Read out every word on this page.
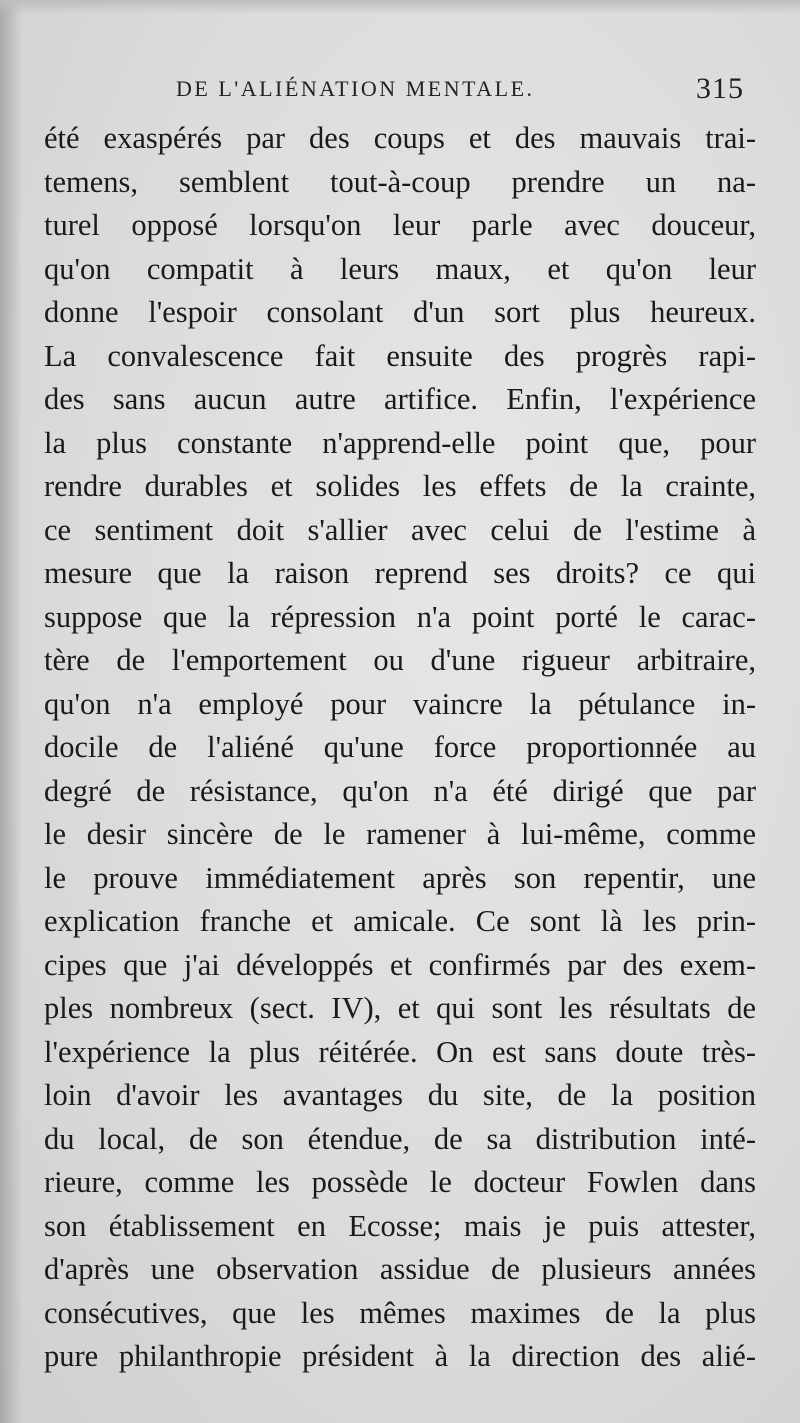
DE L'ALIÉNATION MENTALE.	315
été exaspérés par des coups et des mauvais trai-
temens, semblent tout-à-coup prendre un na-
turel opposé lorsqu'on leur parle avec douceur,
qu'on compatit à leurs maux, et qu'on leur
donne l'espoir consolant d'un sort plus heureux.
La convalescence fait ensuite des progrès rapi-
des sans aucun autre artifice. Enfin, l'expérience
la plus constante n'apprend-elle point que, pour
rendre durables et solides les effets de la crainte,
ce sentiment doit s'allier avec celui de l'estime à
mesure que la raison reprend ses droits? ce qui
suppose que la répression n'a point porté le carac-
tère de l'emportement ou d'une rigueur arbitraire,
qu'on n'a employé pour vaincre la pétulance in-
docile de l'aliéné qu'une force proportionnée au
degré de résistance, qu'on n'a été dirigé que par
le desir sincère de le ramener à lui-même, comme
le prouve immédiatement après son repentir, une
explication franche et amicale. Ce sont là les prin-
cipes que j'ai développés et confirmés par des exem-
ples nombreux (sect. IV), et qui sont les résultats de
l'expérience la plus réitérée. On est sans doute très-
loin d'avoir les avantages du site, de la position
du local, de son étendue, de sa distribution inté-
rieure, comme les possède le docteur Fowlen dans
son établissement en Ecosse; mais je puis attester,
d'après une observation assidue de plusieurs années
consécutives, que les mêmes maximes de la plus
pure philanthropie président à la direction des alié-
